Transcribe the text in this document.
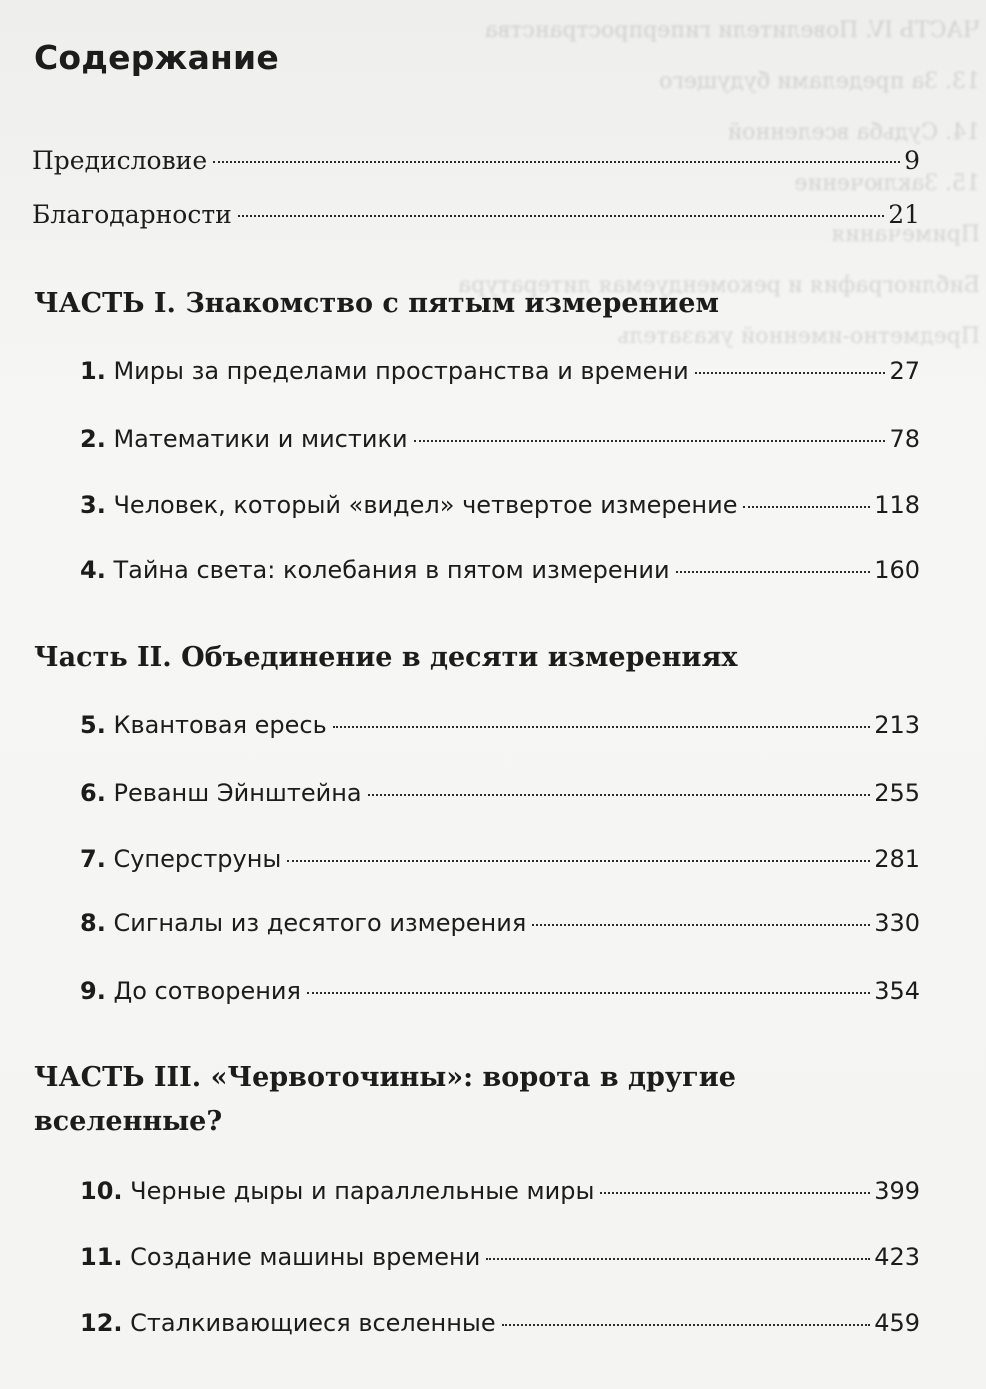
ЧАСТЬ IV. Повелители гиперпространства
13. За пределами будущего
14. Судьба вселенной
15. Заключение
Примечания
Библиография и рекомендуемая литература
Предметно-именной указатель
Содержание
Предисловие	9
Благодарности	21
ЧАСТЬ I. Знакомство с пятым измерением
1. Миры за пределами пространства и времени	27
2. Математики и мистики	78
3. Человек, который «видел» четвертое измерение	118
4. Тайна света: колебания в пятом измерении	160
Часть II. Объединение в десяти измерениях
5. Квантовая ересь	213
6. Реванш Эйнштейна	255
7. Суперструны	281
8. Сигналы из десятого измерения	330
9. До сотворения	354
ЧАСТЬ III. «Червоточины»: ворота в другие вселенные?
10. Черные дыры и параллельные миры	399
11. Создание машины времени	423
12. Сталкивающиеся вселенные	459
